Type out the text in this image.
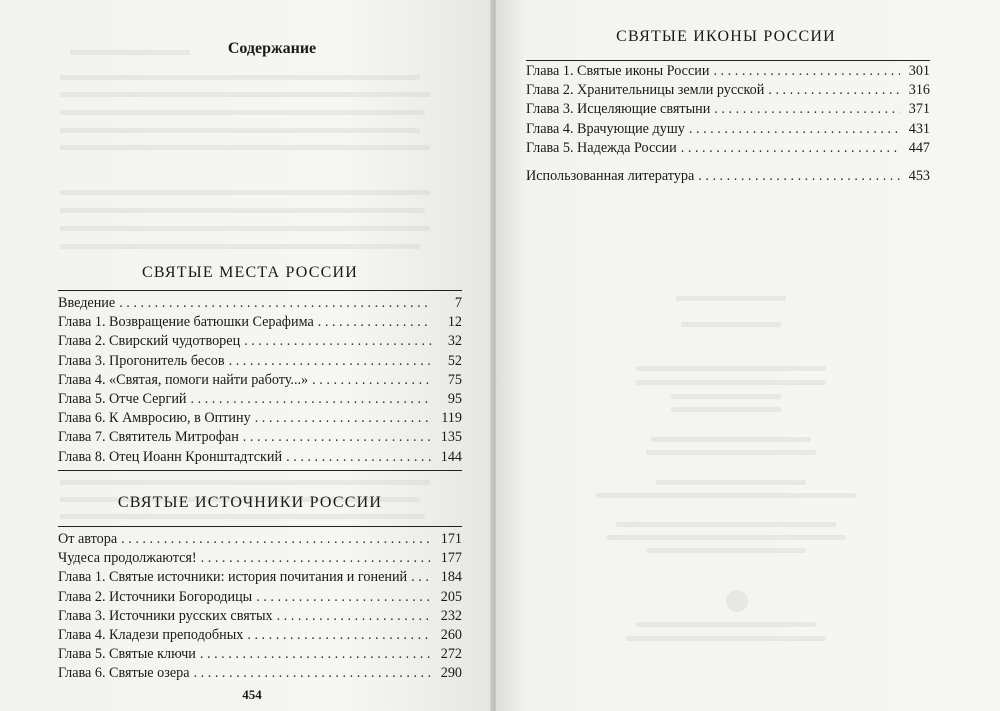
Содержание
СВЯТЫЕ МЕСТА РОССИИ
Введение . . .	7
Глава 1. Возвращение батюшки Серафима . . .	12
Глава 2. Свирский чудотворец . . .	32
Глава 3. Прогонитель бесов . . .	52
Глава 4. «Святая, помоги найти работу...» . . .	75
Глава 5. Отче Сергий . . .	95
Глава 6. К Амвросию, в Оптину . . .	119
Глава 7. Святитель Митрофан . . .	135
Глава 8. Отец Иоанн Кронштадтский . . .	144
СВЯТЫЕ ИСТОЧНИКИ РОССИИ
От автора . . .	171
Чудеса продолжаются! . . .	177
Глава 1. Святые источники: история почитания и гонений . . .	184
Глава 2. Источники Богородицы . . .	205
Глава 3. Источники русских святых . . .	232
Глава 4. Кладези преподобных . . .	260
Глава 5. Святые ключи . . .	272
Глава 6. Святые озера . . .	290
454
СВЯТЫЕ ИКОНЫ РОССИИ
Глава 1. Святые иконы России . . .	301
Глава 2. Хранительницы земли русской . . .	316
Глава 3. Исцеляющие святыни . . .	371
Глава 4. Врачующие душу . . .	431
Глава 5. Надежда России . . .	447
Использованная литература . . .	453
